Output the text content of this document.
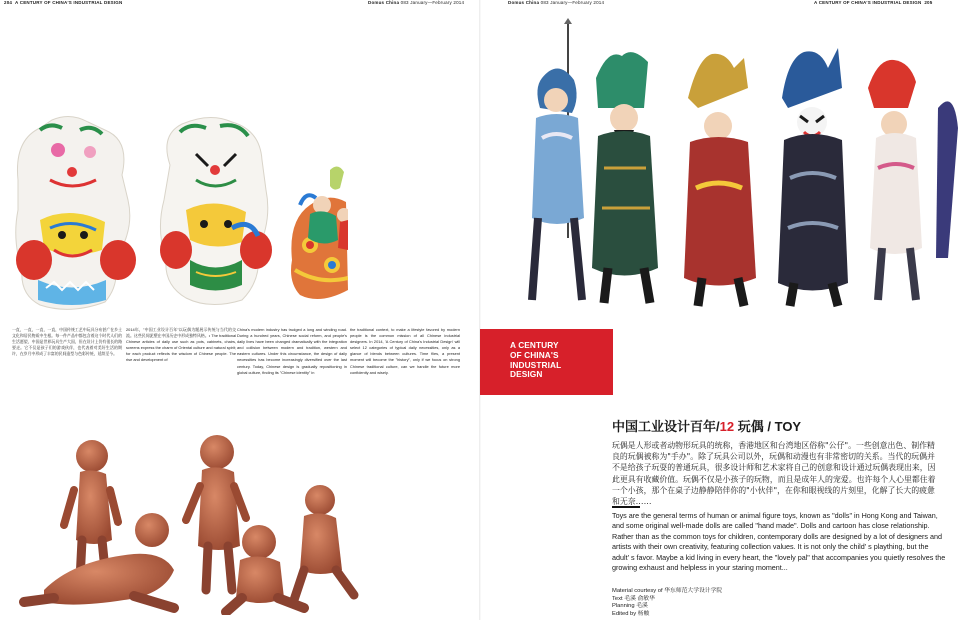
204 A CENTURY OF CHINA'S INDUSTRIAL DESIGN	Domus China 083 January—February 2014	Domus China 083 January—February 2014	A CENTURY OF CHINA'S INDUSTRIAL DESIGN 205
一直，一直，一直，一直，中国传统工艺中玩具分布甚广在乡土文化和居民物质中生根。每一件产品中都包含着这个时代人们的生活愿望，中国是世界玩具生产大国，但在设计上仍有很长的路要走。它不仅是孩子们的游戏伙伴，也代表着对美好生活的期许，在岁月中形成了丰富的民间造型与色彩传统，延续至今。
2014年，"中国工业设计百年"以玩偶为题展示传统与当代的交流。这些民间泥塑在中国历史中形成独特风格。• The traditional Chinese articles of daily use such as pots, cabinets, chairs, screens express the charm of Oriental culture and natural spirit; for each product reflects the wisdom of Chinese people. The rise and development of
China's modern industry has trudged a long and winding road. During a hundred years, Chinese social reform, and people's daily lives have been changed dramatically with the integration and collision between modern and tradition, western and eastern cultures. Under this circumstance, the design of daily necessities has become increasingly diversified over the last century. Today, Chinese design is gradually repositioning in global culture, finding its "Chinese identity" in
the traditional context, to make a lifestyle favored by modern people is the common mission of all Chinese industrial designers. In 2014, 'A Century of China's Industrial Design' will select 12 categories of typical daily necessities, only as a glance of blends between cultures. Time flies, a present moment will become the "history", only if we focus on strong Chinese traditional culture, can we handle the future more confidently and wisely.
A CENTURY
OF CHINA'S
INDUSTRIAL
DESIGN
中国工业设计百年/12 玩偶 / TOY
玩偶是人形或者动物形玩具的统称，香港地区和台湾地区俗称"公仔"。一些创意出色、制作精良的玩偶被称为"手办"。除了玩具公司以外，玩偶和动漫也有非常密切的关系。当代的玩偶并不是给孩子玩耍的普通玩具，很多设计师和艺术家将自己的创意和设计通过玩偶表现出来，因此更具有收藏价值。玩偶不仅是小孩子的玩物，而且是成年人的宠爱。也许每个人心里都住着一个小孩，那个在桌子边静静陪伴你的"小伙伴"，在你和眼视线的片刻里，化解了长大的疲惫和无奈……
Toys are the general terms of human or animal figure toys, known as "dolls" in Hong Kong and Taiwan, and some original well-made dolls are called "hand made". Dolls and cartoon has close relationship. Rather than as the common toys for children, contemporary dolls are designed by a lot of designers and artists with their own creativity, featuring collection values. It is not only the child' s plaything, but the adult' s favor. Maybe a kid living in every heart, the "lovely pal" that accompanies you quietly resolves the growing exhaust and helpless in your staring moment...
Material courtesy of 华东师范大学设计学院
Text 毛溪 俞敏华
Planning 毛溪
Edited by 杨帔
